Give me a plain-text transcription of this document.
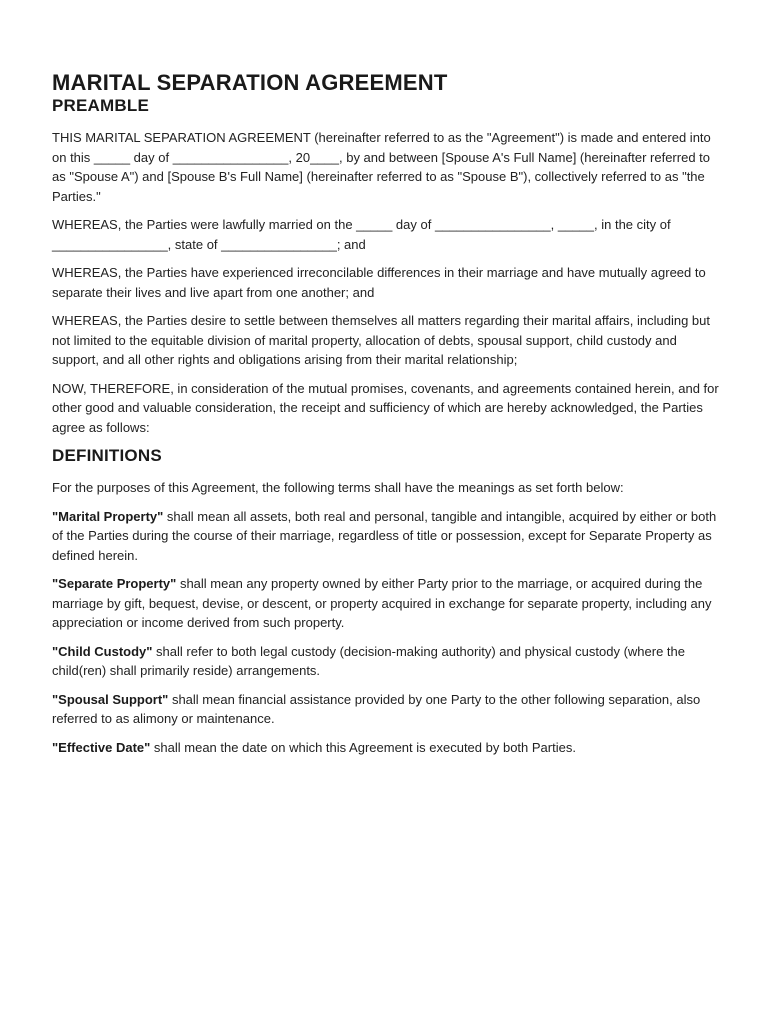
MARITAL SEPARATION AGREEMENT
PREAMBLE

THIS MARITAL SEPARATION AGREEMENT (hereinafter referred to as the "Agreement") is made and entered into on this _____ day of ________________, 20____, by and between [Spouse A's Full Name] (hereinafter referred to as "Spouse A") and [Spouse B's Full Name] (hereinafter referred to as "Spouse B"), collectively referred to as "the Parties."

WHEREAS, the Parties were lawfully married on the _____ day of ________________, _____, in the city of ________________, state of ________________; and

WHEREAS, the Parties have experienced irreconcilable differences in their marriage and have mutually agreed to separate their lives and live apart from one another; and

WHEREAS, the Parties desire to settle between themselves all matters regarding their marital affairs, including but not limited to the equitable division of marital property, allocation of debts, spousal support, child custody and support, and all other rights and obligations arising from their marital relationship;

NOW, THEREFORE, in consideration of the mutual promises, covenants, and agreements contained herein, and for other good and valuable consideration, the receipt and sufficiency of which are hereby acknowledged, the Parties agree as follows:

DEFINITIONS

For the purposes of this Agreement, the following terms shall have the meanings as set forth below:

"Marital Property" shall mean all assets, both real and personal, tangible and intangible, acquired by either or both of the Parties during the course of their marriage, regardless of title or possession, except for Separate Property as defined herein.

"Separate Property" shall mean any property owned by either Party prior to the marriage, or acquired during the marriage by gift, bequest, devise, or descent, or property acquired in exchange for separate property, including any appreciation or income derived from such property.

"Child Custody" shall refer to both legal custody (decision-making authority) and physical custody (where the child(ren) shall primarily reside) arrangements.

"Spousal Support" shall mean financial assistance provided by one Party to the other following separation, also referred to as alimony or maintenance.

"Effective Date" shall mean the date on which this Agreement is executed by both Parties.
